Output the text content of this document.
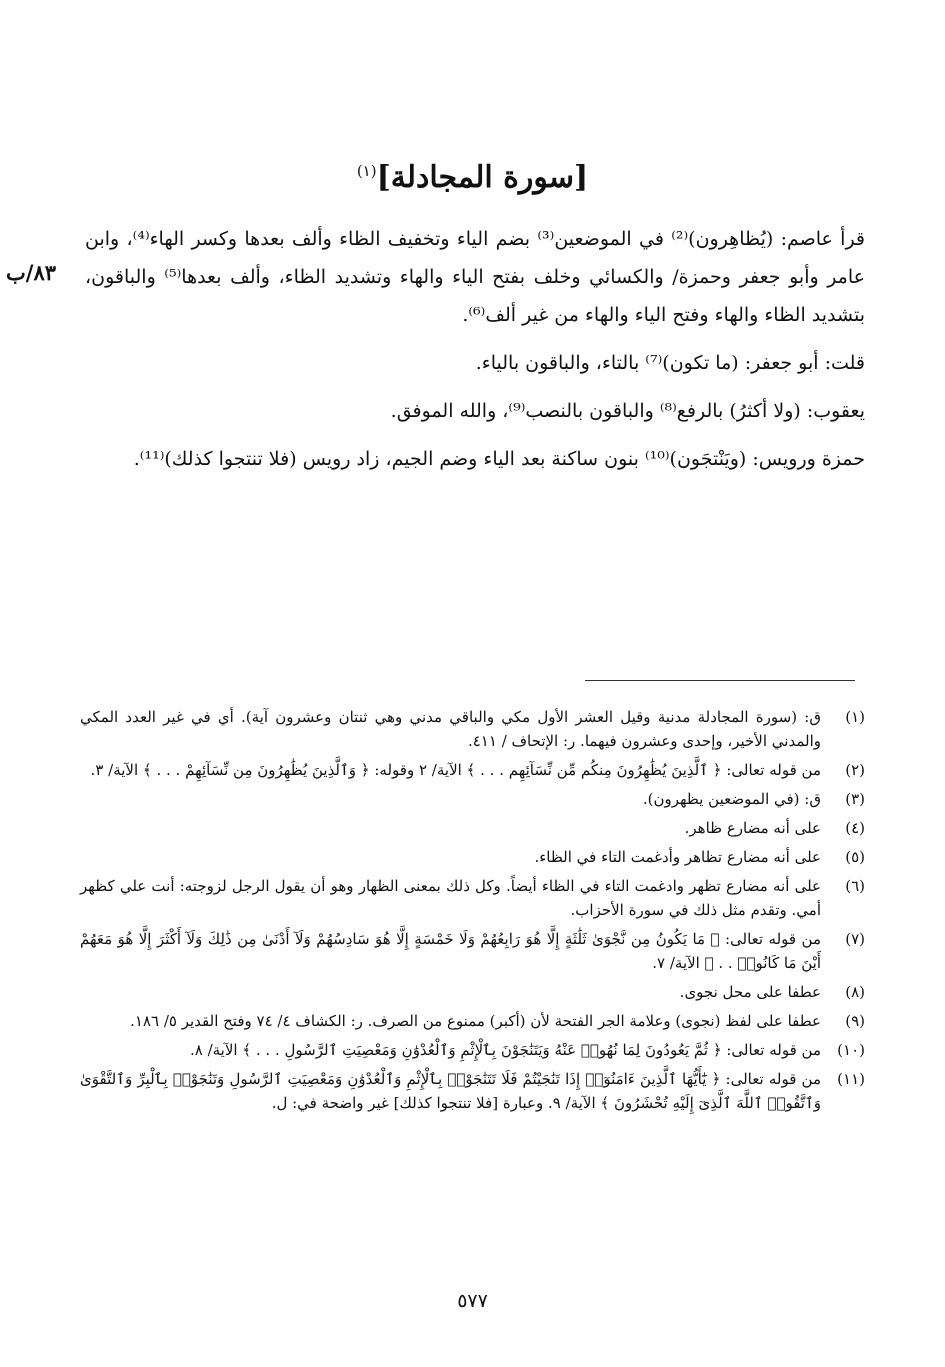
[سورة المجادلة]$^{(١)}$
٨٣/ب

قرأ عاصم: (يُظاهِرون)⁽²⁾ في الموضعين⁽³⁾ بضم الياء وتخفيف الظاء وألف بعدها وكسر الهاء⁽⁴⁾، وابن عامر وأبو جعفر وحمزة/ والكسائي وخلف بفتح الياء والهاء وتشديد الظاء، وألف بعدها⁽⁵⁾ والباقون، بتشديد الظاء والهاء وفتح الياء والهاء من غير ألف⁽⁶⁾.

قلت: أبو جعفر: (ما تكون)⁽⁷⁾ بالتاء، والباقون بالياء.

يعقوب: (ولا أكثرُ) بالرفع⁽⁸⁾ والباقون بالنصب⁽⁹⁾، والله الموفق.

حمزة ورويس: (ويَنْتجَون)⁽¹⁰⁾ بنون ساكنة بعد الياء وضم الجيم، زاد رويس (فلا تنتجوا كذلك)⁽¹¹⁾.

(١)
ق: (سورة المجادلة مدنية وقيل العشر الأول مكي والباقي مدني وهي ثنتان وعشرون آية). أي في غير العدد المكي والمدني الأخير، وإحدى وعشرون فيهما. ر: الإتحاف / ٤١١.
(٢)
من قوله تعالى: ﴿ ٱلَّذِينَ يُظَٰهِرُونَ مِنكُم مِّن نِّسَآئِهِم . . . ﴾ الآية/ ٢ وقوله: ﴿ وَٱلَّذِينَ يُظَٰهِرُونَ مِن نِّسَآئِهِمْ . . . ﴾ الآية/ ٣.
(٣)
ق: (في الموضعين يظهرون).
(٤)
على أنه مضارع ظاهر.
(٥)
على أنه مضارع تظاهر وأدغمت التاء في الظاء.
(٦)
على أنه مضارع تظهر وادغمت التاء في الظاء أيضاً. وكل ذلك بمعنى الظهار وهو أن يقول الرجل لزوجته: أنت علي كظهر أمي. وتقدم مثل ذلك في سورة الأحزاب.
(٧)
من قوله تعالى: ﴿ مَا يَكُونُ مِن نَّجْوَىٰ ثَلَٰثَةٍ إِلَّا هُوَ رَابِعُهُمْ وَلَا خَمْسَةٍ إِلَّا هُوَ سَادِسُهُمْ وَلَآ أَدْنَىٰ مِن ذَٰلِكَ وَلَآ أَكْثَرَ إِلَّا هُوَ مَعَهُمْ أَيْنَ مَا كَانُوا۟ . . ﴾ الآية/ ٧.
(٨)
عطفا على محل نجوى.
(٩)
عطفا على لفظ (نجوى) وعلامة الجر الفتحة لأن (أكبر) ممنوع من الصرف. ر: الكشاف ٤/ ٧٤ وفتح القدير ٥/ ١٨٦.
(١٠)
من قوله تعالى: ﴿ ثُمَّ يَعُودُونَ لِمَا نُهُوا۟ عَنْهُ وَيَتَنَٰجَوْنَ بِٱلْإِثْمِ وَٱلْعُدْوَٰنِ وَمَعْصِيَتِ ٱلرَّسُولِ . . . ﴾ الآية/ ٨.
(١١)
من قوله تعالى: ﴿ يَٰٓأَيُّهَا ٱلَّذِينَ ءَامَنُوٓا۟ إِذَا تَنَٰجَيْتُمْ فَلَا تَتَنَٰجَوْا۟ بِٱلْإِثْمِ وَٱلْعُدْوَٰنِ وَمَعْصِيَتِ ٱلرَّسُولِ وَتَنَٰجَوْا۟ بِٱلْبِرِّ وَٱلتَّقْوَىٰ وَٱتَّقُوا۟ ٱللَّهَ ٱلَّذِىٓ إِلَيْهِ تُحْشَرُونَ ﴾ الآية/ ٩. وعبارة [فلا تنتجوا كذلك] غير واضحة في: ل.
٥٧٧
